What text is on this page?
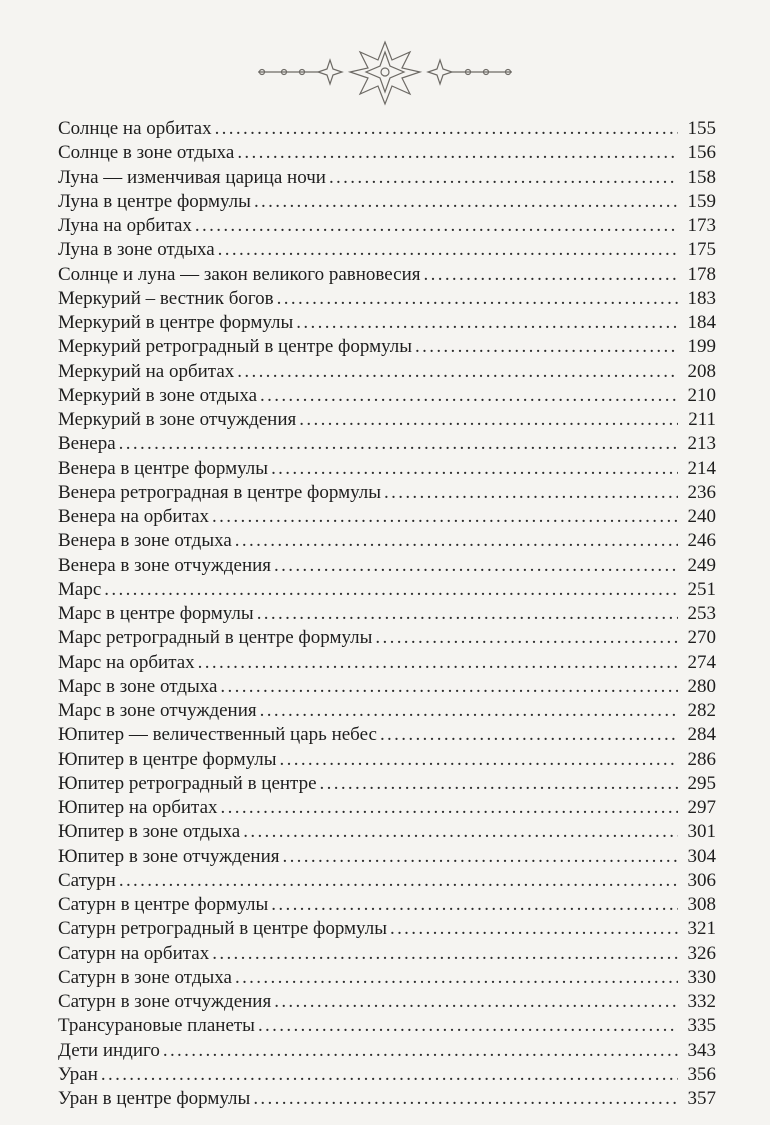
Солнце на орбитах . . .	155
Солнце в зоне отдыха . . .	156
Луна — изменчивая царица ночи . . .	158
Луна в центре формулы . . .	159
Луна на орбитах . . .	173
Луна в зоне отдыха . . .	175
Солнце и луна — закон великого равновесия . . .	178
Меркурий – вестник богов . . .	183
Меркурий в центре формулы . . .	184
Меркурий ретроградный в центре формулы . . .	199
Меркурий на орбитах . . .	208
Меркурий в зоне отдыха . . .	210
Меркурий в зоне отчуждения . . .	211
Венера . . .	213
Венера в центре формулы . . .	214
Венера ретроградная в центре формулы . . .	236
Венера на орбитах . . .	240
Венера в зоне отдыха . . .	246
Венера в зоне отчуждения . . .	249
Марс . . .	251
Марс в центре формулы . . .	253
Марс ретроградный в центре формулы . . .	270
Марс на орбитах . . .	274
Марс в зоне отдыха . . .	280
Марс в зоне отчуждения . . .	282
Юпитер — величественный царь небес . . .	284
Юпитер в центре формулы . . .	286
Юпитер ретроградный в центре . . .	295
Юпитер на орбитах . . .	297
Юпитер в зоне отдыха . . .	301
Юпитер в зоне отчуждения . . .	304
Сатурн . . .	306
Сатурн в центре формулы . . .	308
Сатурн ретроградный в центре формулы . . .	321
Сатурн на орбитах . . .	326
Сатурн в зоне отдыха . . .	330
Сатурн в зоне отчуждения . . .	332
Трансурановые планеты . . .	335
Дети индиго . . .	343
Уран . . .	356
Уран в центре формулы . . .	357
